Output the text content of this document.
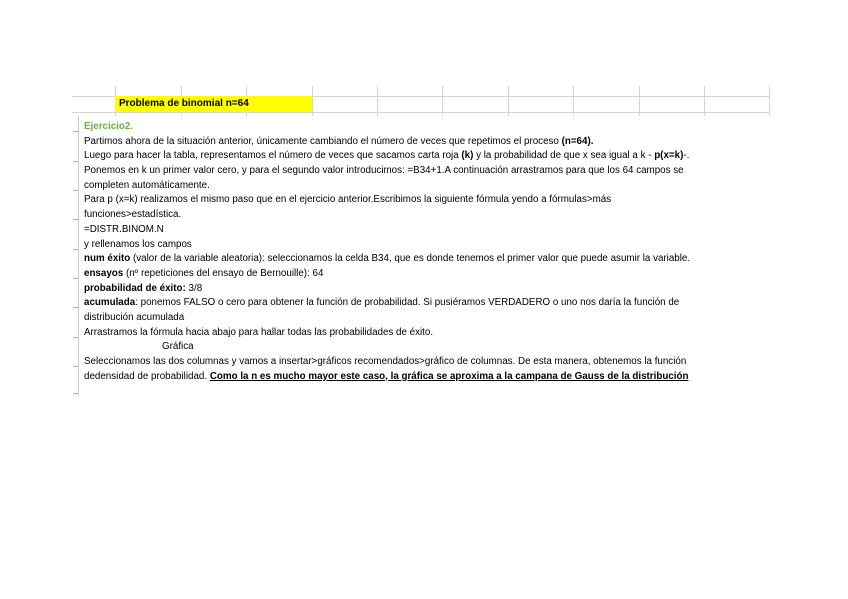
Problema de binomial n=64
Ejercicio2.
Partimos ahora de la situación anterior, únicamente cambiando el número de veces que repetimos el proceso (n=64).
Luego para hacer la tabla, representamos el número de veces que sacamos carta roja (k) y la probabilidad de que x sea igual a k - p(x=k)-.
Ponemos en k un primer valor cero, y para el segundo valor introducimos: =B34+1.A continuación arrastramos para que los 64 campos se
completen automáticamente.
Para p (x=k) realizamos el mismo paso que en el ejercicio anterior.Escribimos la siguiente fórmula yendo a fórmulas>más
funciones>estadística.
=DISTR.BINOM.N
y rellenamos los campos
num éxito (valor de la variable aleatoria): seleccionamos la celda B34, que es donde tenemos el primer valor que puede asumir la variable.
ensayos (nº repeticiones del ensayo de Bernouille): 64
probabilidad de éxito: 3/8
acumulada: ponemos FALSO o cero para obtener la función de probabilidad. Si pusiéramos VERDADERO o uno nos daría la función de
distribución acumulada
Arrastramos la fórmula hacia abajo para hallar todas las probabilidades de éxito.
Gráfica
Seleccionamos las dos columnas y vamos a insertar>gráficos recomendados>gráfico de columnas. De esta manera, obtenemos la función
dedensidad de probabilidad. Como la n es mucho mayor este caso, la gráfica se aproxima a la campana de Gauss de la distribución
